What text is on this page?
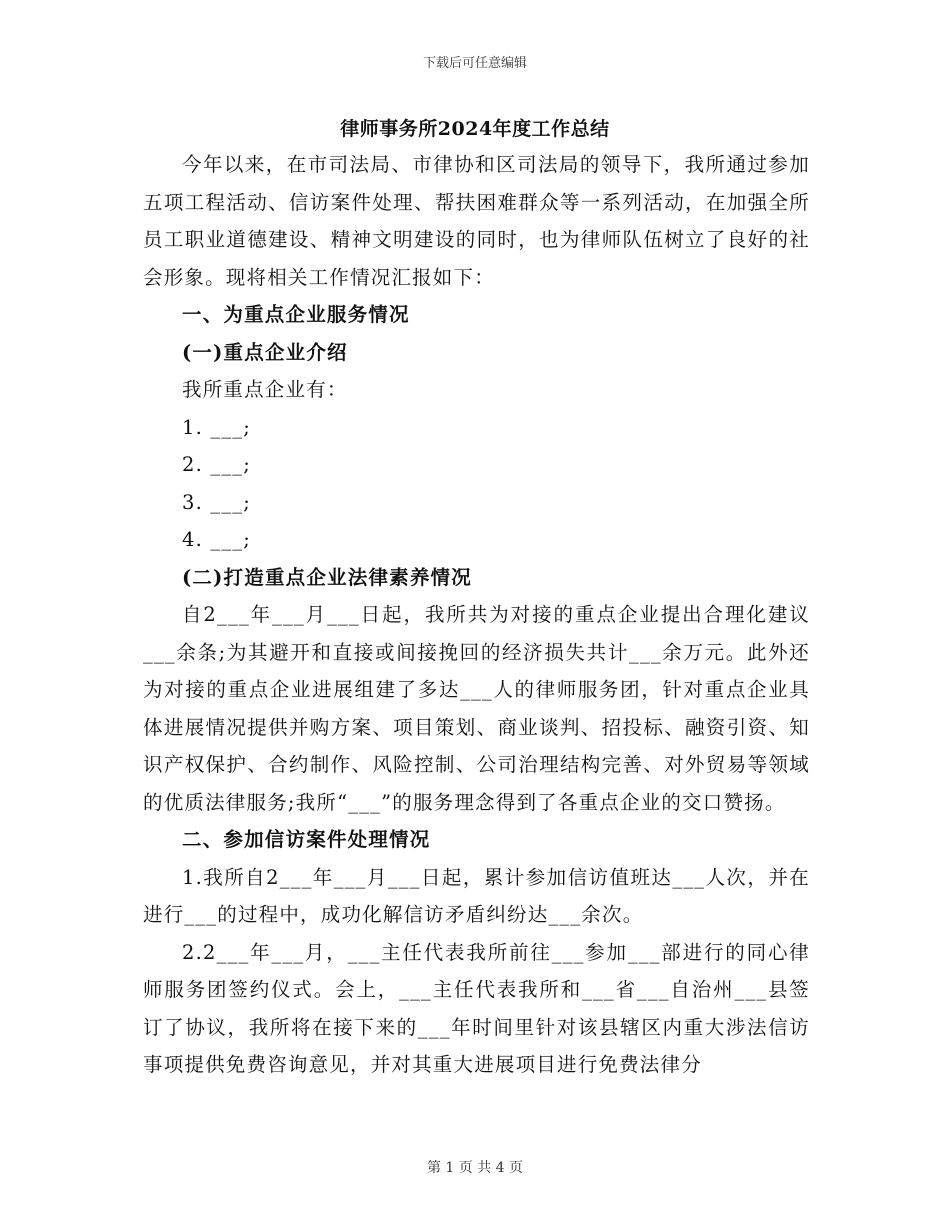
下载后可任意编辑
律师事务所2024年度工作总结

今年以来，在市司法局、市律协和区司法局的领导下，我所通过参加五项工程活动、信访案件处理、帮扶困难群众等一系列活动，在加强全所员工职业道德建设、精神文明建设的同时，也为律师队伍树立了良好的社会形象。现将相关工作情况汇报如下：

一、为重点企业服务情况

(一)重点企业介绍

我所重点企业有：

1. ___;

2. ___;

3. ___;

4. ___;

(二)打造重点企业法律素养情况

自2___年___月___日起，我所共为对接的重点企业提出合理化建议___余条;为其避开和直接或间接挽回的经济损失共计___余万元。此外还为对接的重点企业进展组建了多达___人的律师服务团，针对重点企业具体进展情况提供并购方案、项目策划、商业谈判、招投标、融资引资、知识产权保护、合约制作、风险控制、公司治理结构完善、对外贸易等领域的优质法律服务;我所“___”的服务理念得到了各重点企业的交口赞扬。

二、参加信访案件处理情况

1.我所自2___年___月___日起，累计参加信访值班达___人次，并在进行___的过程中，成功化解信访矛盾纠纷达___余次。

2.2___年___月，___主任代表我所前往___参加___部进行的同心律师服务团签约仪式。会上，___主任代表我所和___省___自治州___县签订了协议，我所将在接下来的___年时间里针对该县辖区内重大涉法信访事项提供免费咨询意见，并对其重大进展项目进行免费法律分

第 1 页 共 4 页
